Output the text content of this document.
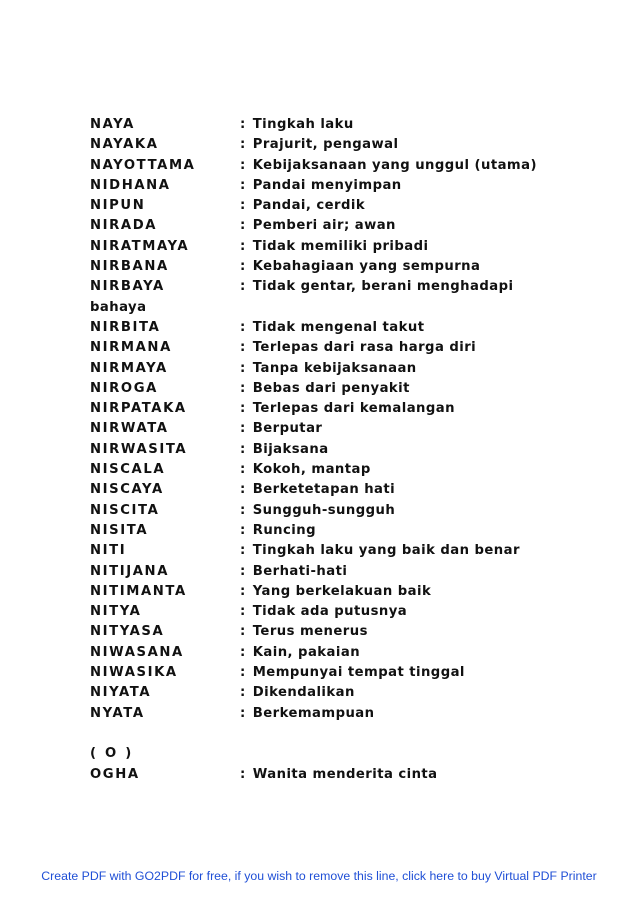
NAYA	: Tingkah laku
NAYAKA	: Prajurit, pengawal
NAYOTTAMA	: Kebijaksanaan yang unggul (utama)
NIDHANA	: Pandai menyimpan
NIPUN	: Pandai, cerdik
NIRADA	: Pemberi air; awan
NIRATMAYA	: Tidak memiliki pribadi
NIRBANA	: Kebahagiaan yang sempurna
NIRBAYA	: Tidak gentar, berani menghadapi
bahaya
NIRBITA	: Tidak mengenal takut
NIRMANA	: Terlepas dari rasa harga diri
NIRMAYA	: Tanpa kebijaksanaan
NIROGA	: Bebas dari penyakit
NIRPATAKA	: Terlepas dari kemalangan
NIRWATA	: Berputar
NIRWASITA	: Bijaksana
NISCALA	: Kokoh, mantap
NISCAYA	: Berketetapan hati
NISCITA	: Sungguh-sungguh
NISITA	: Runcing
NITI	: Tingkah laku yang baik dan benar
NITIJANA	: Berhati-hati
NITIMANTA	: Yang berkelakuan baik
NITYA	: Tidak ada putusnya
NITYASA	: Terus menerus
NIWASANA	: Kain, pakaian
NIWASIKA	: Mempunyai tempat tinggal
NIYATA	: Dikendalikan
NYATA	: Berkemampuan
( O )
OGHA	: Wanita menderita cinta
Create PDF with GO2PDF for free, if you wish to remove this line, click here to buy Virtual PDF Printer
